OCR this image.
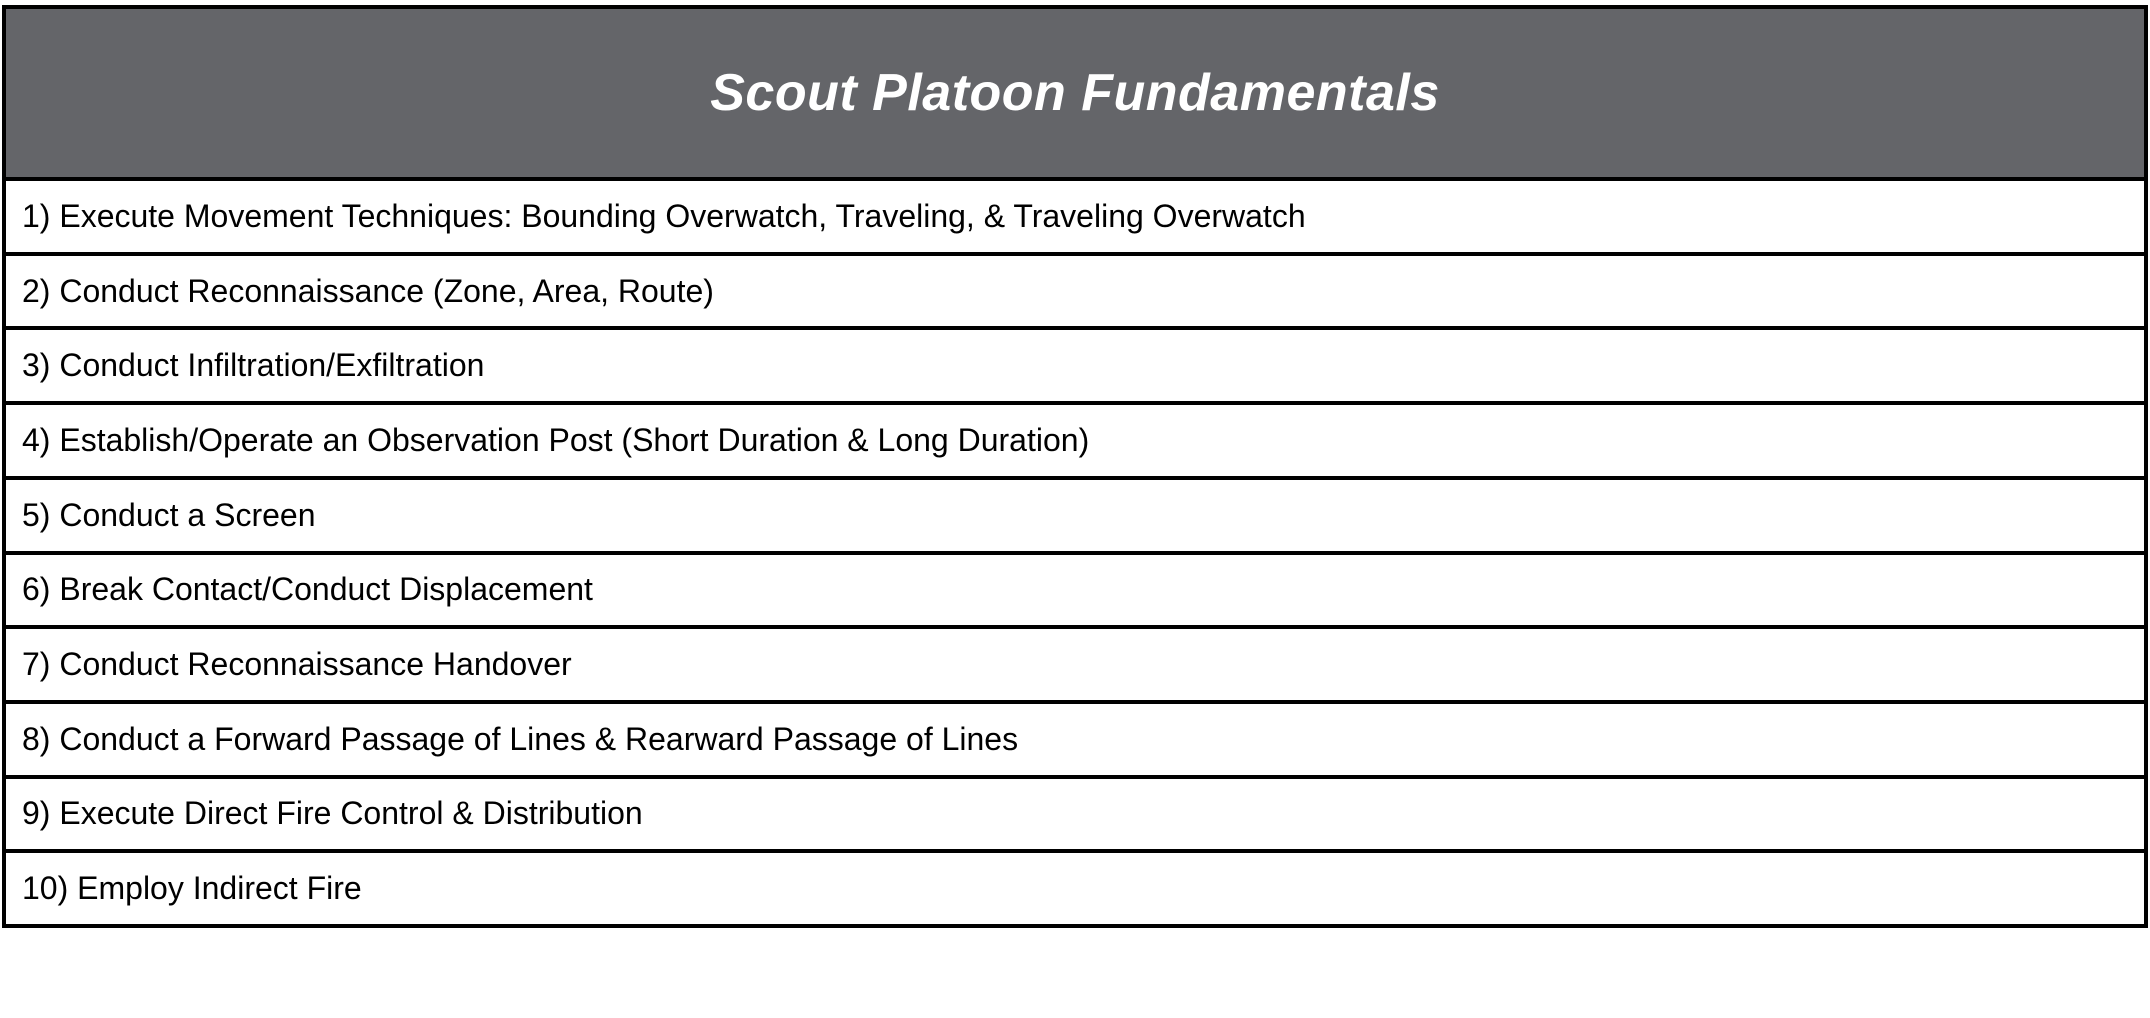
Scout Platoon Fundamentals
1) Execute Movement Techniques: Bounding Overwatch, Traveling, & Traveling Overwatch
2) Conduct Reconnaissance (Zone, Area, Route)
3) Conduct Infiltration/Exfiltration
4) Establish/Operate an Observation Post (Short Duration & Long Duration)
5) Conduct a Screen
6) Break Contact/Conduct Displacement
7) Conduct Reconnaissance Handover
8) Conduct a Forward Passage of Lines & Rearward Passage of Lines
9) Execute Direct Fire Control & Distribution
10) Employ Indirect Fire
